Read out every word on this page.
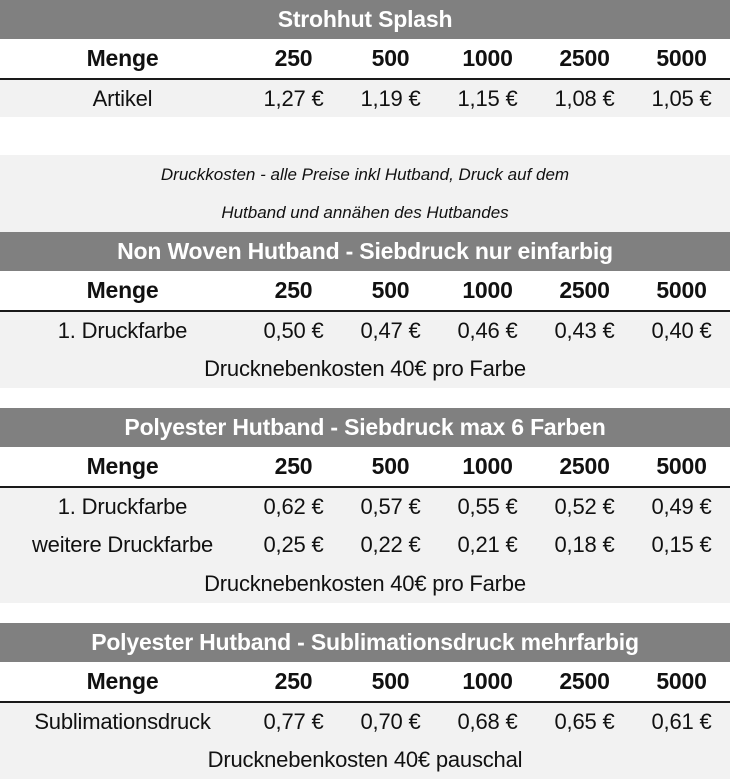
Strohhut Splash
Menge	250	500	1000	2500	5000
Artikel	1,27 €	1,19 €	1,15 €	1,08 €	1,05 €
Druckkosten - alle Preise inkl Hutband, Druck auf dem
Hutband und annähen des Hutbandes
Non Woven Hutband - Siebdruck nur einfarbig
Menge	250	500	1000	2500	5000
1. Druckfarbe	0,50 €	0,47 €	0,46 €	0,43 €	0,40 €
Drucknebenkosten 40€ pro Farbe
Polyester Hutband - Siebdruck max 6 Farben
Menge	250	500	1000	2500	5000
1. Druckfarbe	0,62 €	0,57 €	0,55 €	0,52 €	0,49 €
weitere Druckfarbe	0,25 €	0,22 €	0,21 €	0,18 €	0,15 €
Drucknebenkosten 40€ pro Farbe
Polyester Hutband - Sublimationsdruck mehrfarbig
Menge	250	500	1000	2500	5000
Sublimationsdruck	0,77 €	0,70 €	0,68 €	0,65 €	0,61 €
Drucknebenkosten 40€ pauschal
